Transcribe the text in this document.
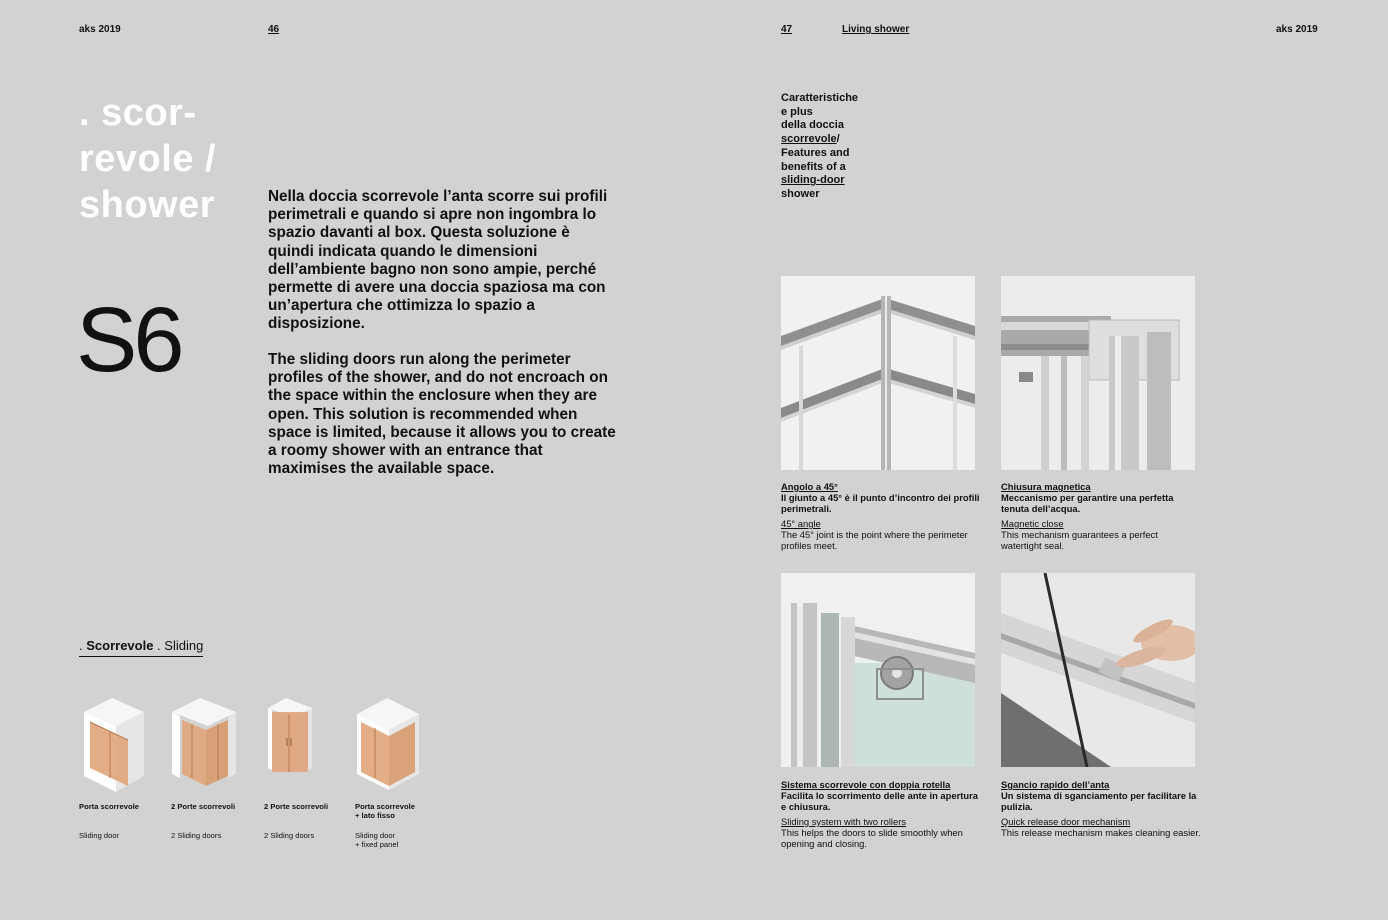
aks 2019	46	47	Living shower	aks 2019
. scor-
revole /
shower
S6
Nella doccia scorrevole l’anta scorre sui profili perimetrali e quando si apre non ingombra lo spazio davanti al box. Questa soluzione è quindi indicata quando le dimensioni dell’ambiente bagno non sono ampie, perché permette di avere una doccia spaziosa ma con un’apertura che ottimizza lo spazio a disposizione.
The sliding doors run along the perimeter profiles of the shower, and do not encroach on the space within the enclosure when they are open. This solution is recommended when space is limited, because it allows you to create a roomy shower with an entrance that maximises the available space.
Caratteristiche
e plus
della doccia
scorrevole/
Features and
benefits of a
sliding-door
shower
Angolo a 45°
Il giunto a 45° è il punto d’incontro dei profili perimetrali.
45° angle
The 45° joint is the point where the perimeter profiles meet.
Chiusura magnetica
Meccanismo per garantire una perfetta tenuta dell’acqua.
Magnetic close
This mechanism guarantees a perfect watertight seal.
Sistema scorrevole con doppia rotella
Facilita lo scorrimento delle ante in apertura e chiusura.
Sliding system with two rollers
This helps the doors to slide smoothly when opening and closing.
Sgancio rapido dell’anta
Un sistema di sganciamento per facilitare la pulizia.
Quick release door mechanism
This release mechanism makes cleaning easier.
. Scorrevole . Sliding
Porta scorrevole	2 Porte scorrevoli	2 Porte scorrevoli	Porta scorrevole
+ lato fisso
Sliding door	2 Sliding doors	2 Sliding doors	Sliding door
+ fixed panel
